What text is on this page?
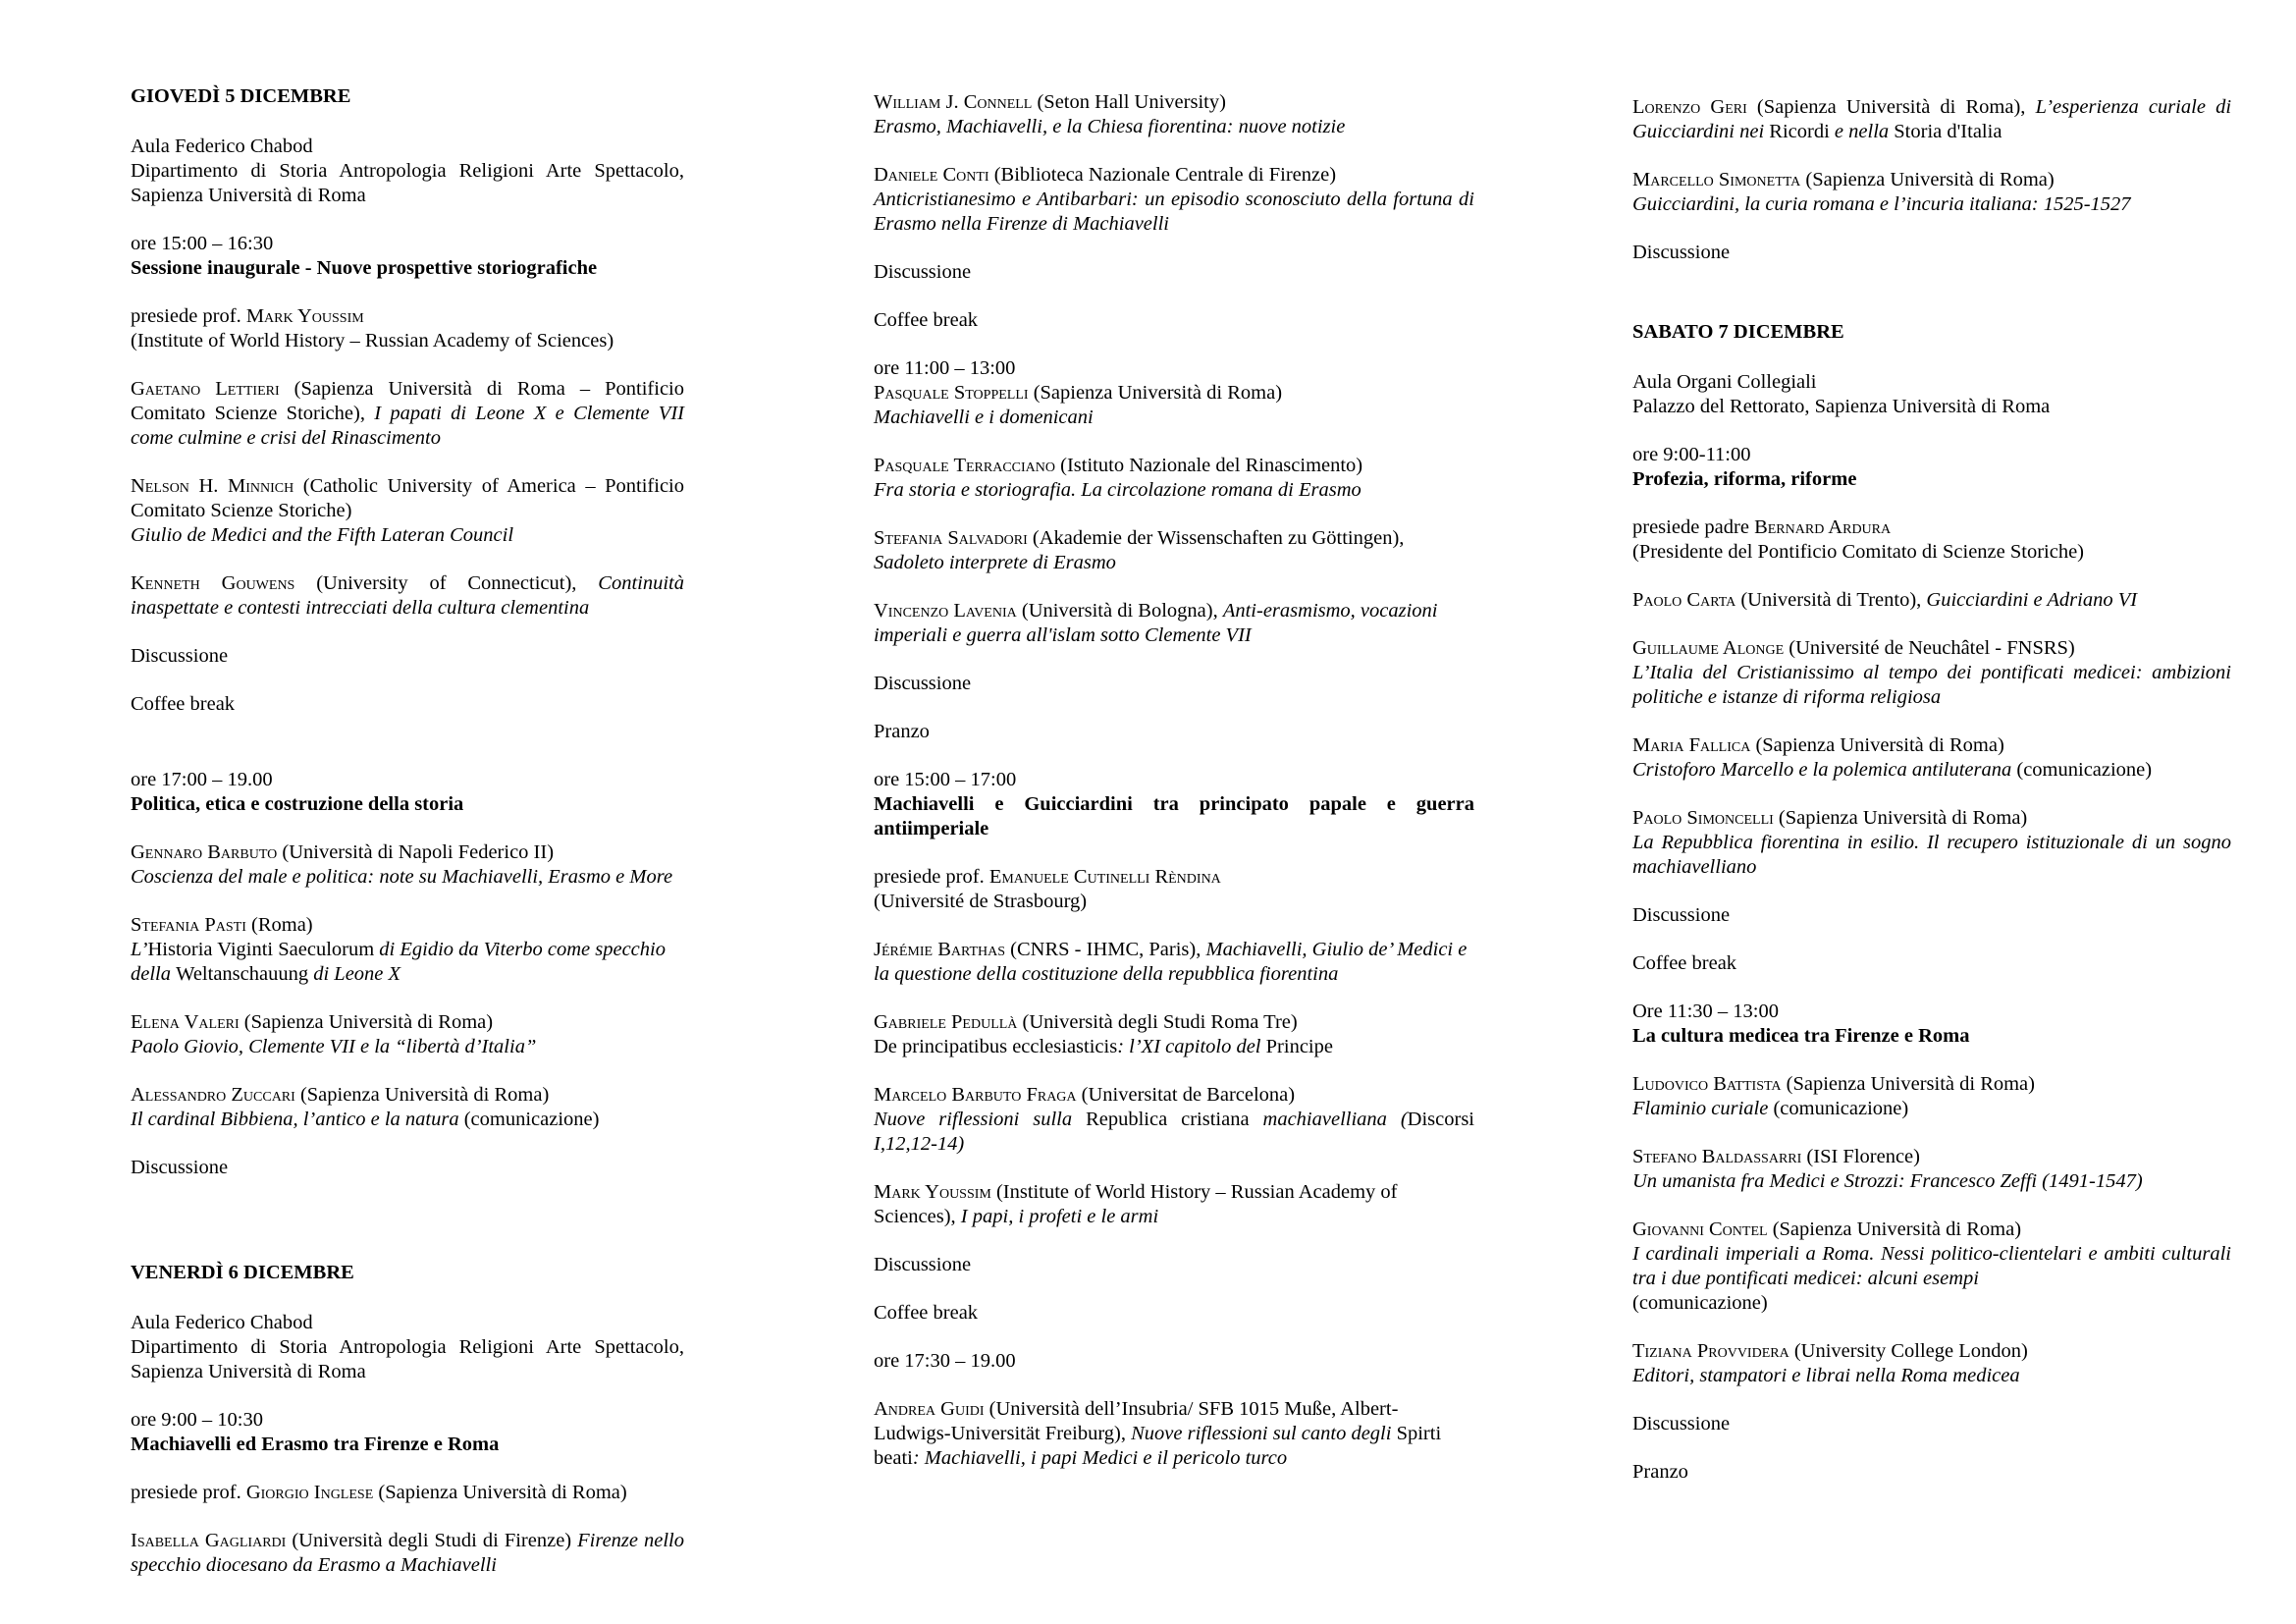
GIOVEDÌ 5 DICEMBRE
Aula Federico Chabod
Dipartimento di Storia Antropologia Religioni Arte Spettacolo, Sapienza Università di Roma
ore 15:00 – 16:30
Sessione inaugurale - Nuove prospettive storiografiche
presiede prof. Mark Youssim
(Institute of World History – Russian Academy of Sciences)
Gaetano Lettieri (Sapienza Università di Roma – Pontificio Comitato Scienze Storiche), I papati di Leone X e Clemente VII come culmine e crisi del Rinascimento
Nelson H. Minnich (Catholic University of America – Pontificio Comitato Scienze Storiche)
Giulio de Medici and the Fifth Lateran Council
Kenneth Gouwens (University of Connecticut), Continuità inaspettate e contesti intrecciati della cultura clementina
Discussione
Coffee break
ore 17:00 – 19.00
Politica, etica e costruzione della storia
Gennaro Barbuto (Università di Napoli Federico II)
Coscienza del male e politica: note su Machiavelli, Erasmo e More
Stefania Pasti (Roma)
L’Historia Viginti Saeculorum di Egidio da Viterbo come specchio della Weltanschauung di Leone X
Elena Valeri (Sapienza Università di Roma)
Paolo Giovio, Clemente VII e la “libertà d’Italia”
Alessandro Zuccari (Sapienza Università di Roma)
Il cardinal Bibbiena, l’antico e la natura (comunicazione)
Discussione
VENERDÌ 6 DICEMBRE
Aula Federico Chabod
Dipartimento di Storia Antropologia Religioni Arte Spettacolo, Sapienza Università di Roma
ore 9:00 – 10:30
Machiavelli ed Erasmo tra Firenze e Roma
presiede prof. Giorgio Inglese (Sapienza Università di Roma)
Isabella Gagliardi (Università degli Studi di Firenze) Firenze nello specchio diocesano da Erasmo a Machiavelli
William J. Connell (Seton Hall University)
Erasmo, Machiavelli, e la Chiesa fiorentina: nuove notizie
Daniele Conti (Biblioteca Nazionale Centrale di Firenze)
Anticristianesimo e Antibarbari: un episodio sconosciuto della fortuna di Erasmo nella Firenze di Machiavelli
Discussione
Coffee break
ore 11:00 – 13:00
Pasquale Stoppelli (Sapienza Università di Roma)
Machiavelli e i domenicani
Pasquale Terracciano (Istituto Nazionale del Rinascimento)
Fra storia e storiografia. La circolazione romana di Erasmo
Stefania Salvadori (Akademie der Wissenschaften zu Göttingen), Sadoleto interprete di Erasmo
Vincenzo Lavenia (Università di Bologna), Anti-erasmismo, vocazioni imperiali e guerra all'islam sotto Clemente VII
Discussione
Pranzo
ore 15:00 – 17:00
Machiavelli e Guicciardini tra principato papale e guerra antiimperiale
presiede prof. Emanuele Cutinelli Rèndina
(Université de Strasbourg)
Jérémie Barthas (CNRS - IHMC, Paris), Machiavelli, Giulio de’ Medici e la questione della costituzione della repubblica fiorentina
Gabriele Pedullà (Università degli Studi Roma Tre)
De principatibus ecclesiasticis: l’XI capitolo del Principe
Marcelo Barbuto Fraga (Universitat de Barcelona)
Nuove riflessioni sulla Republica cristiana machiavelliana (Discorsi I,12,12-14)
Mark Youssim (Institute of World History – Russian Academy of Sciences), I papi, i profeti e le armi
Discussione
Coffee break
ore 17:30 – 19.00
Andrea Guidi (Università dell’Insubria/ SFB 1015 Muße, Albert-Ludwigs-Universität Freiburg), Nuove riflessioni sul canto degli Spirti beati: Machiavelli, i papi Medici e il pericolo turco
Lorenzo Geri (Sapienza Università di Roma), L’esperienza curiale di Guicciardini nei Ricordi e nella Storia d'Italia
Marcello Simonetta (Sapienza Università di Roma)
Guicciardini, la curia romana e l’incuria italiana: 1525-1527
Discussione
SABATO 7 DICEMBRE
Aula Organi Collegiali
Palazzo del Rettorato, Sapienza Università di Roma
ore 9:00-11:00
Profezia, riforma, riforme
presiede padre Bernard Ardura
(Presidente del Pontificio Comitato di Scienze Storiche)
Paolo Carta (Università di Trento), Guicciardini e Adriano VI
Guillaume Alonge (Université de Neuchâtel - FNSRS)
L’Italia del Cristianissimo al tempo dei pontificati medicei: ambizioni politiche e istanze di riforma religiosa
Maria Fallica (Sapienza Università di Roma)
Cristoforo Marcello e la polemica antiluterana (comunicazione)
Paolo Simoncelli (Sapienza Università di Roma)
La Repubblica fiorentina in esilio. Il recupero istituzionale di un sogno machiavelliano
Discussione
Coffee break
Ore 11:30 – 13:00
La cultura medicea tra Firenze e Roma
Ludovico Battista (Sapienza Università di Roma)
Flaminio curiale (comunicazione)
Stefano Baldassarri (ISI Florence)
Un umanista fra Medici e Strozzi: Francesco Zeffi (1491-1547)
Giovanni Contel (Sapienza Università di Roma)
I cardinali imperiali a Roma. Nessi politico-clientelari e ambiti culturali tra i due pontificati medicei: alcuni esempi
(comunicazione)
Tiziana Provvidera (University College London)
Editori, stampatori e librai nella Roma medicea
Discussione
Pranzo
